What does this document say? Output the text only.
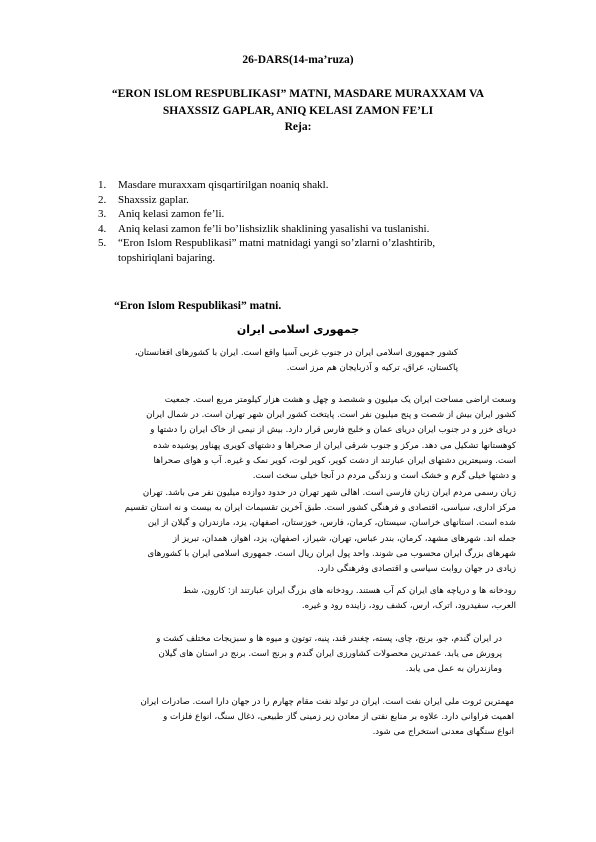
26-DARS(14-ma’ruza)
“ERON ISLOM RESPUBLIKASI” MATNI, MASDARE MURAXXAM VA
SHAXSSIZ GAPLAR, ANIQ KELASI ZAMON FE’LI
Reja:
1. Masdare muraxxam qisqartirilgan noaniq shakl.
2. Shaxssiz gaplar.
3. Aniq kelasi zamon fe’li.
4. Aniq kelasi zamon fe’li bo’lishsizlik shaklining yasalishi va tuslanishi.
5. “Eron Islom Respublikasi” matni matnidagi yangi so’zlarni o’zlashtirib,
topshiriqlani bajaring.
“Eron Islom Respublikasi” matni.
جمهوری اسلامی ایران
کشور جمهوری اسلامی ایران در جنوب غربی آسیا واقع است. ایران با کشورهای افغانستان،
پاکستان، عراق، ترکیه و آذربایجان هم مرز است.
وسعت اراضی مساحت ایران یک میلیون و ششصد و چهل و هشت هزار کیلومتر مربع است. جمعیت
کشور ایران بیش از شصت و پنج میلیون نفر است. پایتخت کشور ایران شهر تهران است. در شمال ایران
دریای خزر و در جنوب ایران دریای عمان و خلیج فارس قرار دارد. بیش از نیمی از خاک ایران را دشتها و
کوهستانها تشکیل می دهد. مرکز و جنوب شرقی ایران از صحراها و دشتهای کویری پهناور پوشیده شده
است. وسیعترین دشتهای ایران عبارتند از دشت کویر، کویر لوت، کویر نمک و غیره. آب و هوای صحراها
و دشتها خیلی گرم و خشک است و زندگی مردم در آنجا خیلی سخت است.
زبان رسمی مردم ایران زبان فارسی است. اهالی شهر تهران در حدود دوازده میلیون نفر می باشد. تهران
مرکز اداری، سیاسی، اقتصادی و فرهنگی کشور است. طبق آخرین تقسیمات ایران به بیست و نه استان تقسیم
شده است. استانهای خراسان، سیستان، کرمان، فارس، خوزستان، اصفهان، یزد، مازندران و گیلان از این
جمله اند. شهرهای مشهد، کرمان، بندر عباس، تهران، شیراز، اصفهان، یزد، اهواز، همدان، تبریز از
شهرهای بزرگ ایران محسوب می شوند. واحد پول ایران ریال است. جمهوری اسلامی ایران با کشورهای
زیادی در جهان روابت سیاسی و اقتصادی وفرهنگی دارد.
رودخانه ها و دریاچه های ایران کم آب هستند. رودخانه های بزرگ ایران عبارتند از: کارون، شط
العرب، سفیدرود، اترک، ارس، کشف رود، زاینده رود و غیره.
در ایران گندم، جو، برنج، چای، پسته، چغندر قند، پنبه، توتون و میوه ها و سبزیجات مختلف کشت و
پرورش می یابد. عمدترین محصولات کشاورزی ایران گندم و برنج است. برنج در استان های گیلان
ومازندران به عمل می یابد.
مهمترین ثروت ملی ایران نفت است. ایران در تولد نفت مقام چهارم را در جهان دارا است. صادرات ایران
اهمیت فراوانی دارد. علاوه بر منابع نفتی از معادن زیر زمینی گاز طبیعی، ذغال سنگ، انواع فلزات و
انواع سنگهای معدنی استخراج می شود.
